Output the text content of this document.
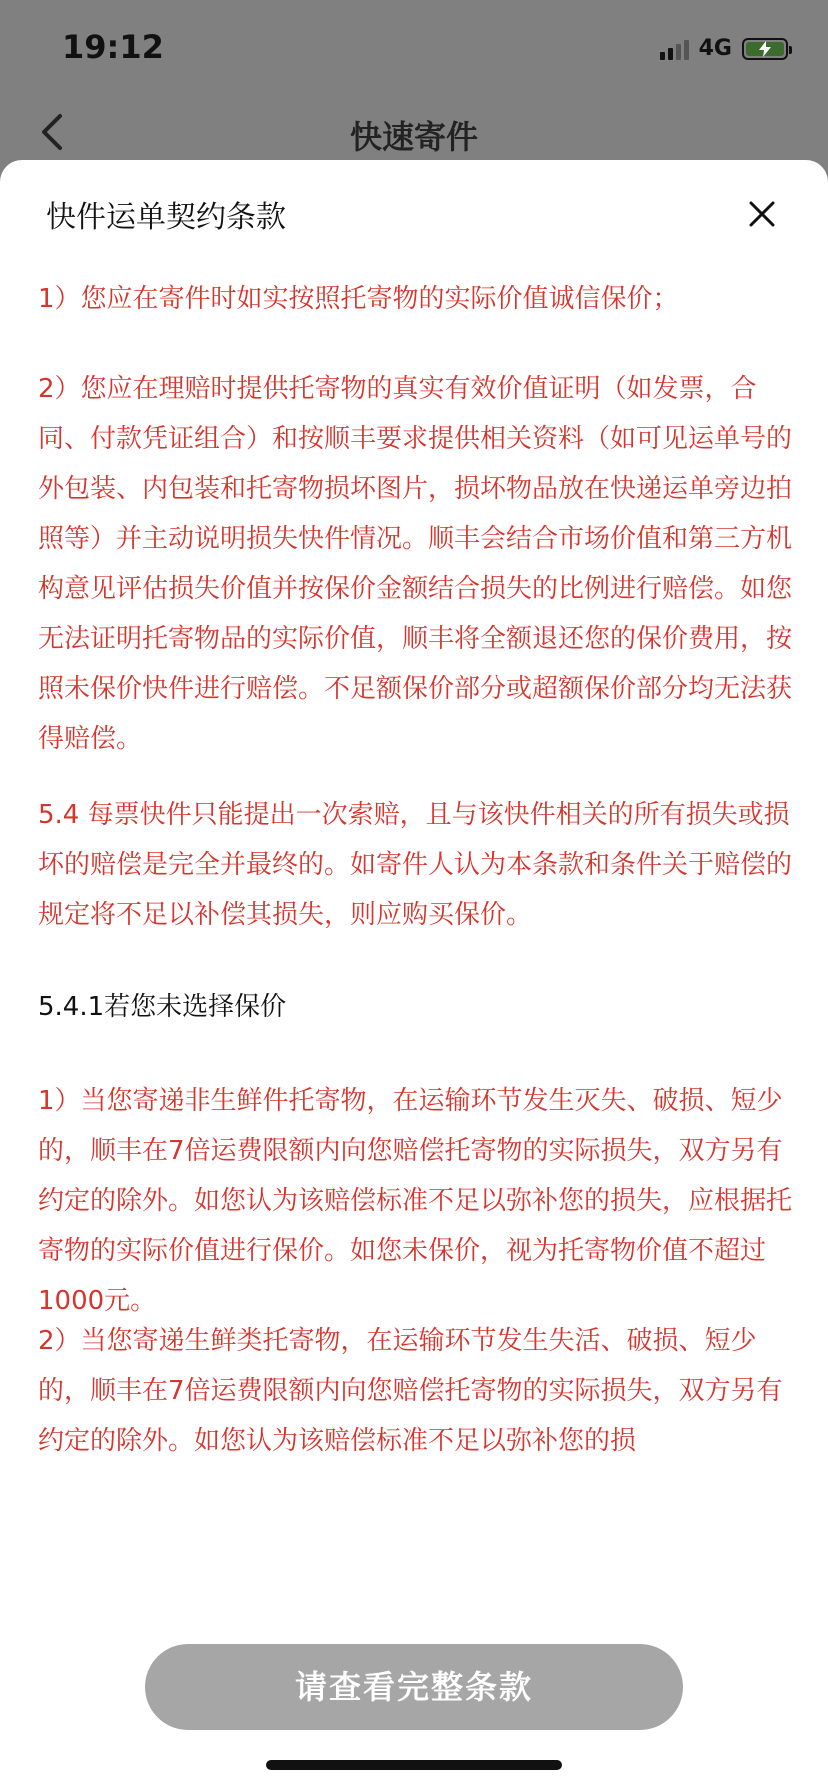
19:12	4G
快速寄件
快件运单契约条款

1）您应在寄件时如实按照托寄物的实际价值诚信保价；

2）您应在理赔时提供托寄物的真实有效价值证明（如发票，合同、付款凭证组合）和按顺丰要求提供相关资料（如可见运单号的外包装、内包装和托寄物损坏图片，损坏物品放在快递运单旁边拍照等）并主动说明损失快件情况。顺丰会结合市场价值和第三方机构意见评估损失价值并按保价金额结合损失的比例进行赔偿。如您无法证明托寄物品的实际价值，顺丰将全额退还您的保价费用，按照未保价快件进行赔偿。不足额保价部分或超额保价部分均无法获得赔偿。

5.4 每票快件只能提出一次索赔，且与该快件相关的所有损失或损坏的赔偿是完全并最终的。如寄件人认为本条款和条件关于赔偿的规定将不足以补偿其损失，则应购买保价。

5.4.1若您未选择保价

1）当您寄递非生鲜件托寄物，在运输环节发生灭失、破损、短少的，顺丰在7倍运费限额内向您赔偿托寄物的实际损失，双方另有约定的除外。如您认为该赔偿标准不足以弥补您的损失，应根据托寄物的实际价值进行保价。如您未保价，视为托寄物价值不超过1000元。

2）当您寄递生鲜类托寄物，在运输环节发生失活、破损、短少的，顺丰在7倍运费限额内向您赔偿托寄物的实际损失，双方另有约定的除外。如您认为该赔偿标准不足以弥补您的损

请查看完整条款
